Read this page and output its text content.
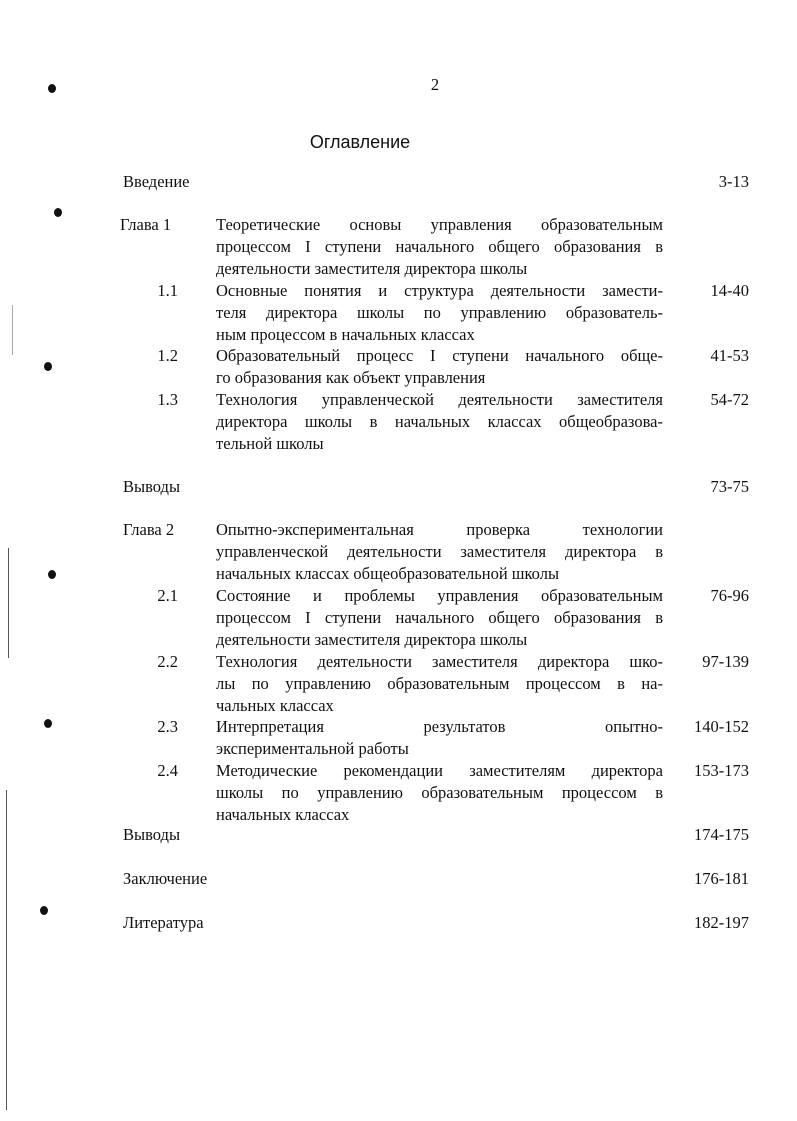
2
Оглавление
Введение	3-13
Глава 1	Теоретические основы управления образовательным
процессом I ступени начального общего образования в
деятельности заместителя директора школы
1.1 Основные понятия и структура деятельности замести-
теля директора школы по управлению образователь-
ным процессом в начальных классах
14-40
1.2 Образовательный процесс I ступени начального обще-
го образования как объект управления
41-53
1.3 Технология управленческой деятельности заместителя
директора школы в начальных классах общеобразова-
тельной школы
54-72
Выводы	73-75
Глава 2	Опытно-экспериментальная проверка технологии
управленческой деятельности заместителя директора в
начальных классах общеобразовательной школы
2.1 Состояние и проблемы управления образовательным
процессом I ступени начального общего образования в
деятельности заместителя директора школы
76-96
2.2 Технология деятельности заместителя директора шко-
лы по управлению образовательным процессом в на-
чальных классах
97-139
2.3 Интерпретация результатов опытно-
экспериментальной работы
140-152
2.4 Методические рекомендации заместителям директора
школы по управлению образовательным процессом в
начальных классах
153-173
Выводы	174-175
Заключение	176-181
Литература	182-197
